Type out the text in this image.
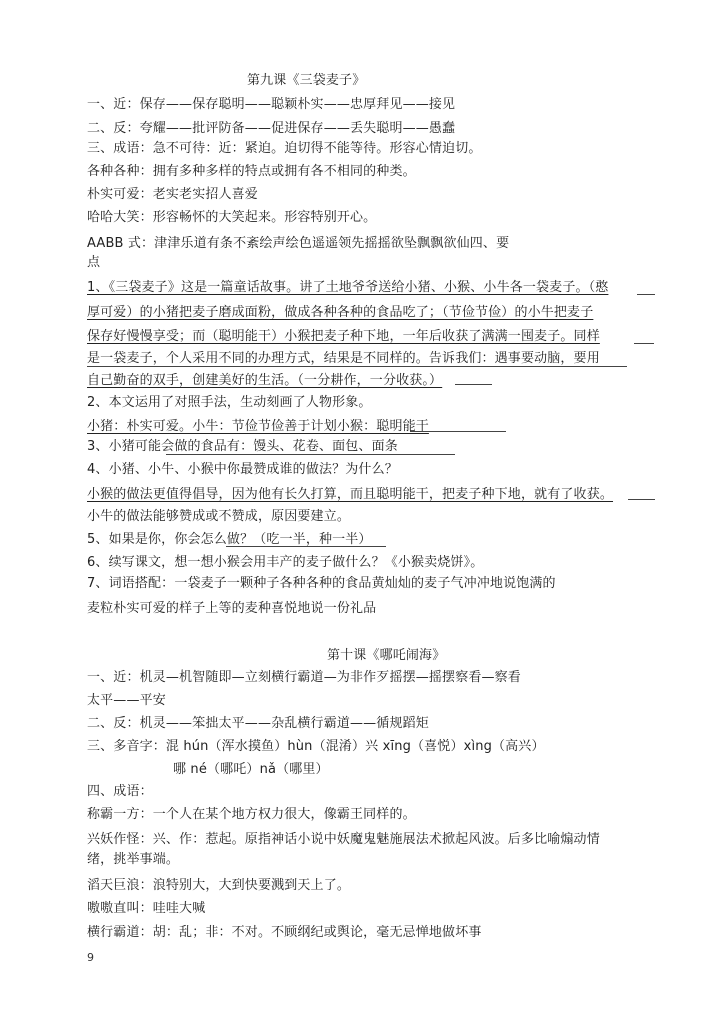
第九课《三袋麦子》
一、近：保存——保存聪明——聪颖朴实——忠厚拜见——接见
二、反：夸耀——批评防备——促进保存——丢失聪明——愚蠢
三、成语：急不可待：近：紧迫。迫切得不能等待。形容心情迫切。
各种各种：拥有多种多样的特点或拥有各不相同的种类。
朴实可爱：老实老实招人喜爱
哈哈大笑：形容畅怀的大笑起来。形容特别开心。
AABB 式：津津乐道有条不紊绘声绘色遥遥领先摇摇欲坠飘飘欲仙四、要
点
1、《三袋麦子》这是一篇童话故事。讲了土地爷爷送给小猪、小猴、小牛各一袋麦子。（憨
厚可爱）的小猪把麦子磨成面粉，做成各种各种的食品吃了；（节俭节俭）的小牛把麦子
保存好慢慢享受；而（聪明能干）小猴把麦子种下地，一年后收获了满满一囤麦子。同样
是一袋麦子，个人采用不同的办理方式，结果是不同样的。告诉我们：遇事要动脑，要用
自己勤奋的双手，创建美好的生活。（一分耕作，一分收获。）
2、本文运用了对照手法，生动刻画了人物形象。
小猪：朴实可爱。小牛：节俭节俭善于计划小猴：聪明能干
3、小猪可能会做的食品有：馒头、花卷、面包、面条
4、小猪、小牛、小猴中你最赞成谁的做法？为什么？
小猴的做法更值得倡导，因为他有长久打算，而且聪明能干，把麦子种下地，就有了收获。
小牛的做法能够赞成或不赞成，原因要建立。
5、如果是你，你会怎么做？（吃一半，种一半）
6、续写课文，想一想小猴会用丰产的麦子做什么？《小猴卖烧饼》。
7、词语搭配：一袋麦子一颗种子各种各种的食品黄灿灿的麦子气冲冲地说饱满的
麦粒朴实可爱的样子上等的麦种喜悦地说一份礼品
第十课《哪吒闹海》
一、近：机灵—机智随即—立刻横行霸道—为非作歹摇摆—摇摆察看—察看
太平——平安
二、反：机灵——笨拙太平——杂乱横行霸道——循规蹈矩
三、多音字：混 hún（浑水摸鱼）hùn（混淆）兴 xīng（喜悦）xìng（高兴）
哪 né（哪吒）nǎ（哪里）
四、成语：
称霸一方：一个人在某个地方权力很大，像霸王同样的。
兴妖作怪：兴、作：惹起。原指神话小说中妖魔鬼魅施展法术掀起风波。后多比喻煽动情
绪，挑举事端。
滔天巨浪：浪特别大，大到快要溅到天上了。
嗷嗷直叫：哇哇大喊
横行霸道：胡：乱；非：不对。不顾纲纪或舆论，毫无忌惮地做坏事
9
